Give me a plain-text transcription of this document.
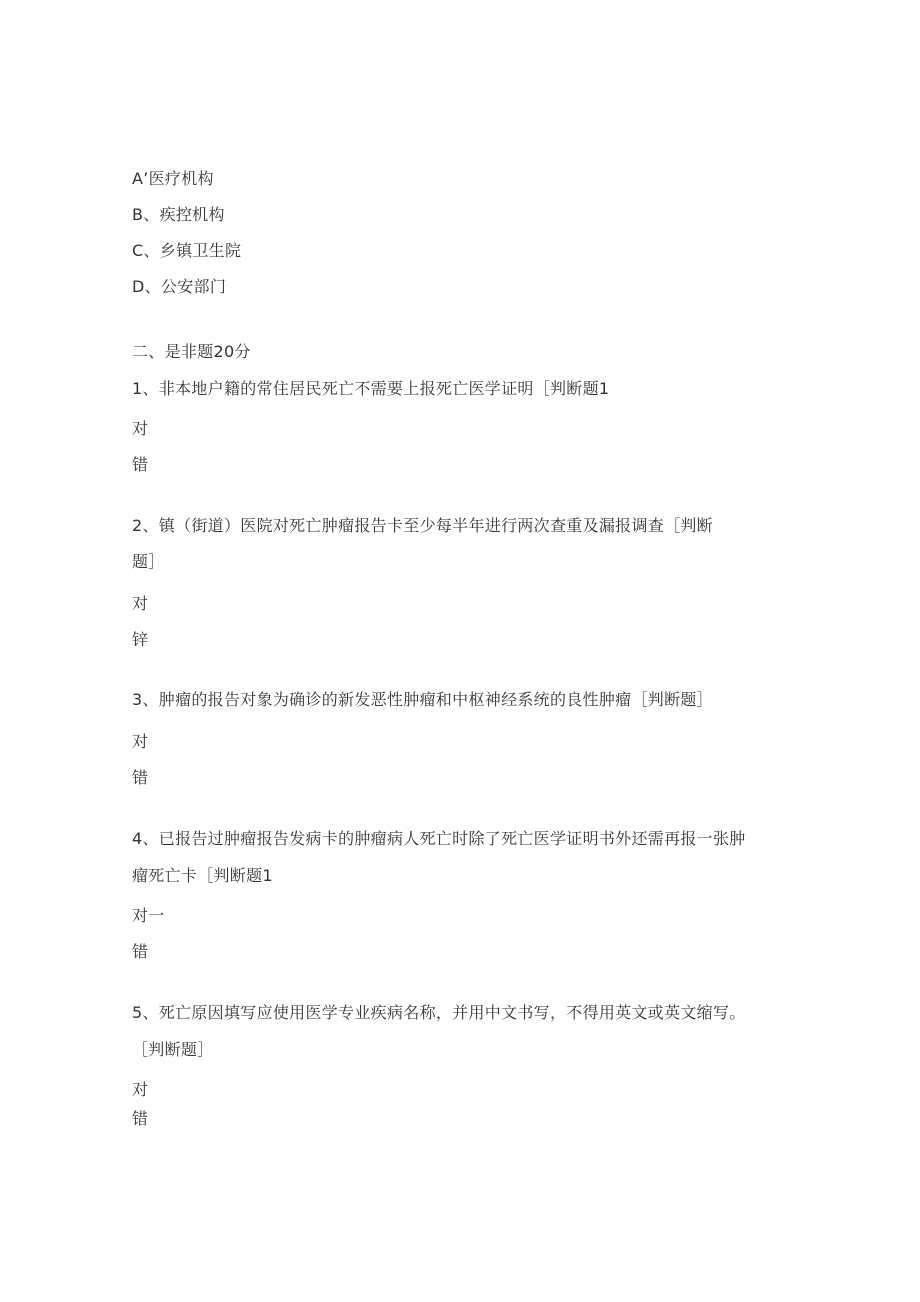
A’医疗机构
B、疾控机构
C、乡镇卫生院
D、公安部门
二、是非题20分
1、非本地户籍的常住居民死亡不需要上报死亡医学证明［判断题1
对
错
2、镇（街道）医院对死亡肿瘤报告卡至少每半年进行两次查重及漏报调查［判断
题］
对
锌
3、肿瘤的报告对象为确诊的新发恶性肿瘤和中枢神经系统的良性肿瘤［判断题］
对
错
4、已报告过肿瘤报告发病卡的肿瘤病人死亡时除了死亡医学证明书外还需再报一张肿
瘤死亡卡［判断题1
对一
错
5、死亡原因填写应使用医学专业疾病名称，并用中文书写，不得用英文或英文缩写。
［判断题］
对
错
